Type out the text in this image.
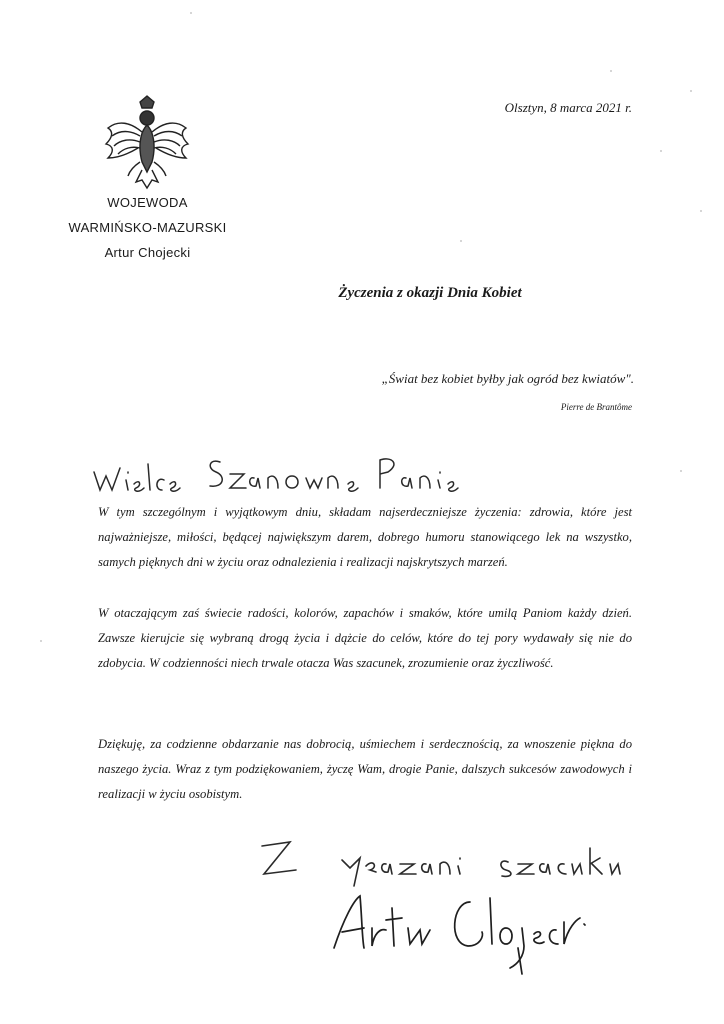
WOJEWODA
WARMIŃSKO-MAZURSKI
Artur Chojecki
Olsztyn, 8 marca 2021 r.
Życzenia z okazji Dnia Kobiet
„Świat bez kobiet byłby jak ogród bez kwiatów".
Pierre de Brantôme

W tym szczególnym i wyjątkowym dniu, składam najserdeczniejsze życzenia: zdrowia, które jest najważniejsze, miłości, będącej największym darem, dobrego humoru stanowiącego lek na wszystko, samych pięknych dni w życiu oraz odnalezienia i realizacji najskrytszych marzeń.

W otaczającym zaś świecie radości, kolorów, zapachów i smaków, które umilą Paniom każdy dzień. Zawsze kierujcie się wybraną drogą życia i dążcie do celów, które do tej pory wydawały się nie do zdobycia. W codzienności niech trwale otacza Was szacunek, zrozumienie oraz życzliwość.

Dziękuję, za codzienne obdarzanie nas dobrocią, uśmiechem i serdecznością, za wnoszenie piękna do naszego życia. Wraz z tym podziękowaniem, życzę Wam, drogie Panie, dalszych sukcesów zawodowych i realizacji w życiu osobistym.
